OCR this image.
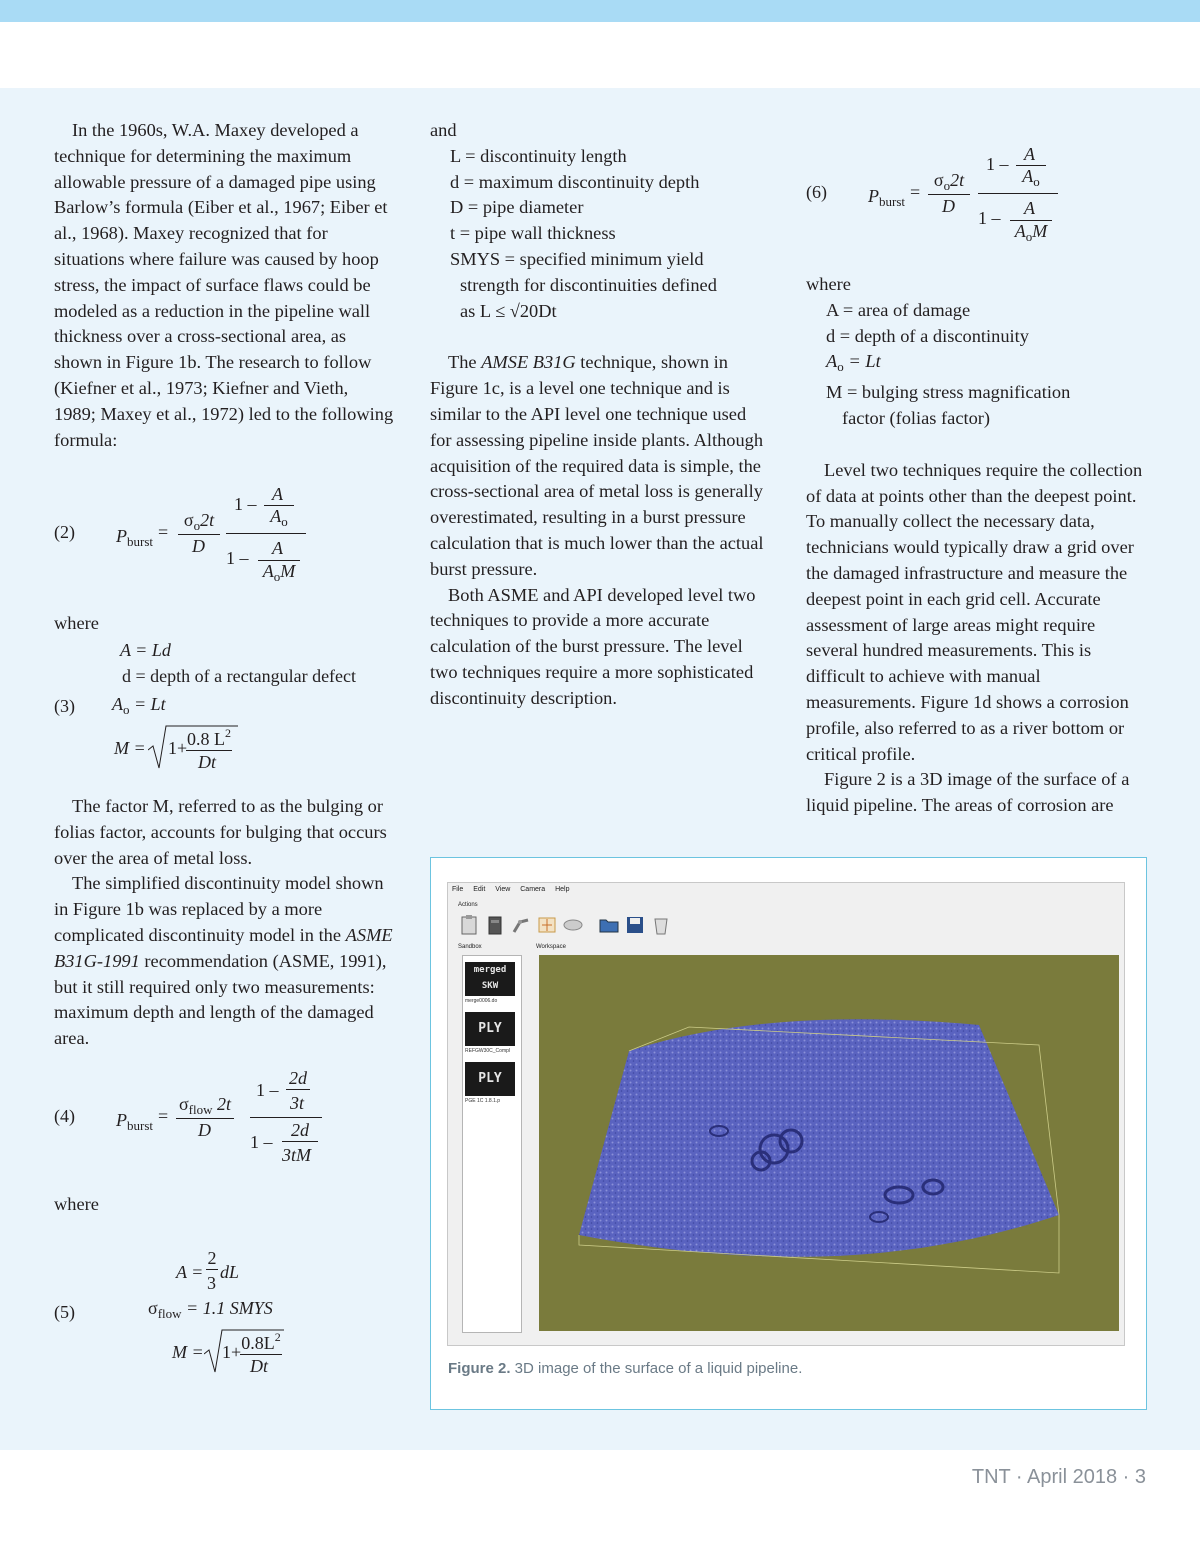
In the 1960s, W.A. Maxey developed a technique for determining the maximum allowable pressure of a damaged pipe using Barlow’s formula (Eiber et al., 1967; Eiber et al., 1968). Maxey recognized that for situations where failure was caused by hoop stress, the impact of surface flaws could be modeled as a reduction in the pipeline wall thickness over a cross-sectional area, as shown in Figure 1b. The research to follow (Kiefner et al., 1973; Kiefner and Vieth, 1989; Maxey et al., 1972) led to the following formula:

(2) $P_{burst}$ =
$\sigma_o2t$
D
1 – A
$A_o$
1 – A
$A_oM$

where

A = Ld
d = depth of a rectangular defect
(3) $A_o = Lt$
M = 1+ 0.8 $L^2$
Dt

The factor M, referred to as the bulging or folias factor, accounts for bulging that occurs over the area of metal loss.

The simplified discontinuity model shown in Figure 1b was replaced by a more complicated discontinuity model in the ASME B31G-1991 recommendation (ASME, 1991), but it still required only two measurements: maximum depth and length of the damaged area.

(4) $P_{burst}$ =
$\sigma_{flow}$ 2t
D
1 –
2d
3t
1 –
2d
3tM

where

A =
2
3
dL
(5)	$\sigma_{flow} = 1.1$ SMYS
$M = 1+ 0.8L^2$
Dt

and

L = discontinuity length

d = maximum discontinuity depth

D = pipe diameter

t = pipe wall thickness

SMYS = specified minimum yield

strength for discontinuities defined

as L ≤ √20Dt

The AMSE B31G technique, shown in Figure 1c, is a level one technique and is similar to the API level one technique used for assessing pipeline inside plants. Although acquisition of the required data is simple, the cross-sectional area of metal loss is generally overestimated, resulting in a burst pressure calculation that is much lower than the actual burst pressure.

Both ASME and API developed level two techniques to provide a more accurate calculation of the burst pressure. The level two techniques require a more sophisticated discontinuity description.

(6) $P_{burst}$ =
$\sigma_o2t$
D
1 – A
$A_o$
1 – A
$A_oM$

where

A = area of damage

d = depth of a discontinuity

$A_o = Lt$

M = bulging stress magnification

factor (folias factor)

Level two techniques require the collection of data at points other than the deepest point. To manually collect the necessary data, technicians would typically draw a grid over the damaged infrastructure and measure the deepest point in each grid cell. Accurate assessment of large areas might require several hundred measurements. This is difficult to achieve with manual measurements. Figure 1d shows a corrosion profile, also referred to as a river bottom or critical profile.

Figure 2 is a 3D image of the surface of a liquid pipeline. The areas of corrosion are

File Edit View Camera Help
Actions
Sandbox	Workspace
merged SKW
merge0006.do
PLY
REFGW30C_Compl
PLY
PGE 1C 1.8.1.p
Figure 2. 3D image of the surface of a liquid pipeline.
TNT · April 2018 · 3
